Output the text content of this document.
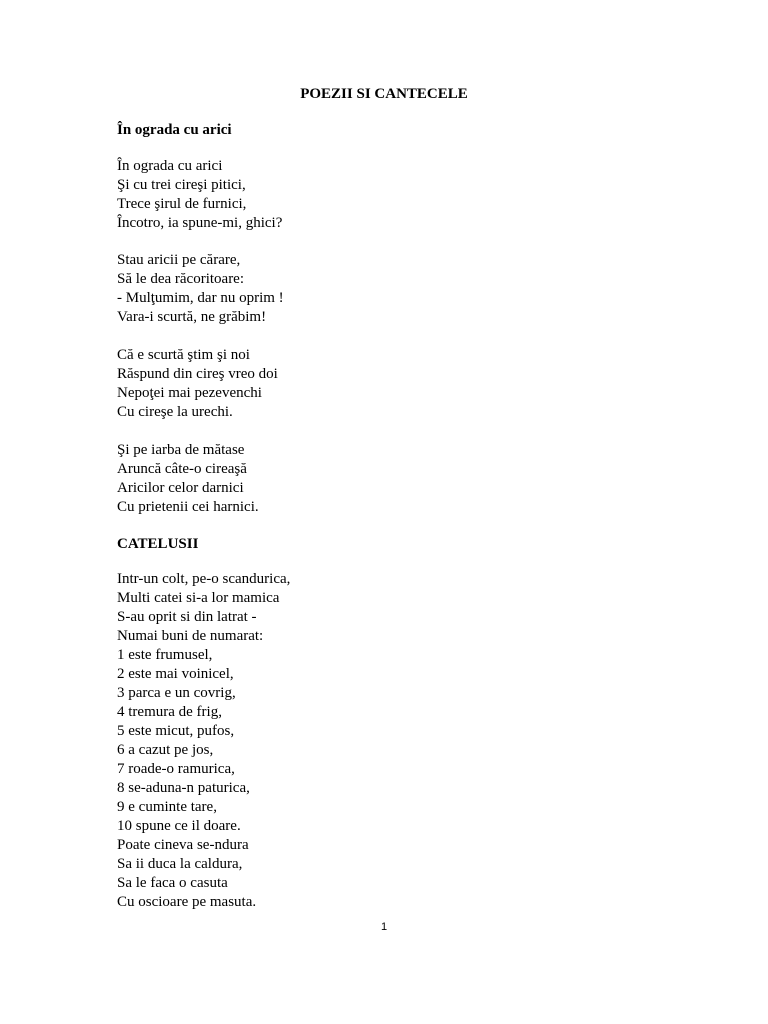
POEZII SI CANTECELE
În ograda cu arici
În ograda cu arici
Şi cu trei cireşi pitici,
Trece şirul de furnici,
Încotro, ia spune-mi, ghici?
Stau aricii pe cărare,
Să le dea răcoritoare:
- Mulţumim, dar nu oprim !
Vara-i scurtă, ne grăbim!
Că e scurtă ştim şi noi
Răspund din cireş vreo doi
Nepoţei mai pezevenchi
Cu cireşe la urechi.
Şi pe iarba de mătase
Aruncă câte-o cireaşă
Aricilor celor darnici
Cu prietenii cei harnici.
CATELUSII
Intr-un colt, pe-o scandurica,
Multi catei si-a lor mamica
S-au oprit si din latrat -
Numai buni de numarat:
1 este frumusel,
2 este mai voinicel,
3 parca e un covrig,
4 tremura de frig,
5 este micut, pufos,
6 a cazut pe jos,
7 roade-o ramurica,
8 se-aduna-n paturica,
9 e cuminte tare,
10 spune ce il doare.
Poate cineva se-ndura
Sa ii duca la caldura,
Sa le faca o casuta
Cu oscioare pe masuta.
1
